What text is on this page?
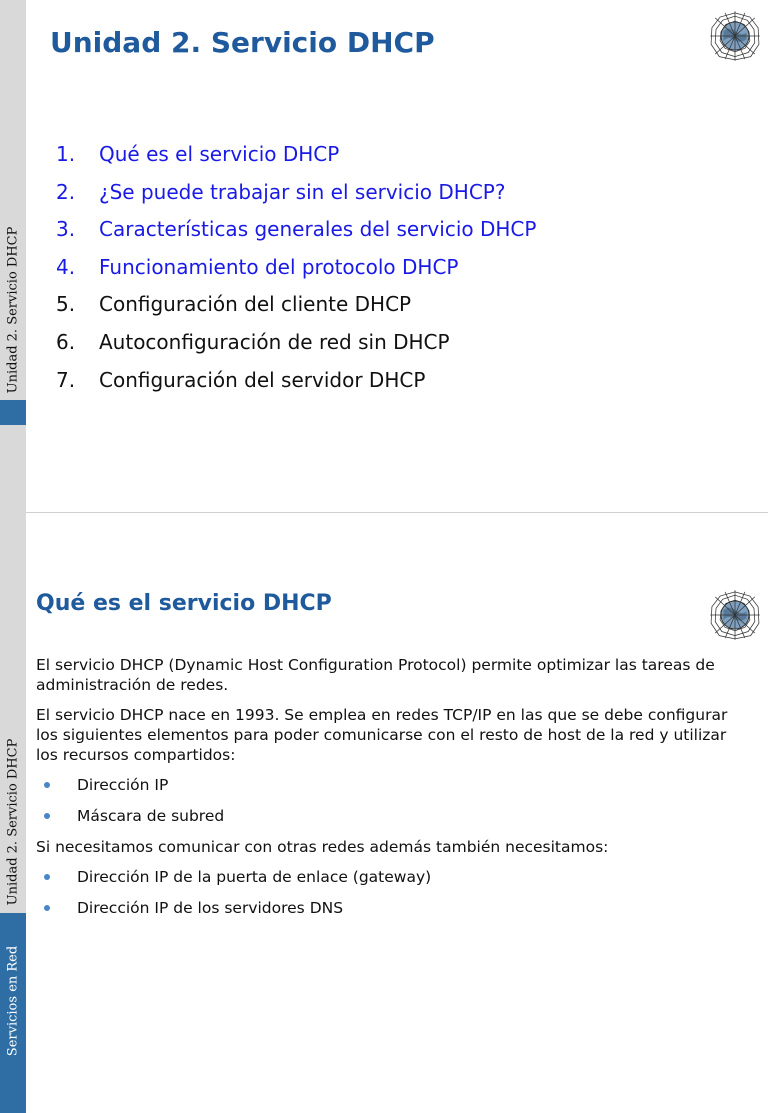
Unidad 2. Servicio DHCP
Unidad 2. Servicio DHCP
1. Qué es el servicio DHCP
2. ¿Se puede trabajar sin el servicio DHCP?
3. Características generales del servicio DHCP
4. Funcionamiento del protocolo DHCP
5. Configuración del cliente DHCP
6. Autoconfiguración de red sin DHCP
7. Configuración del servidor DHCP
Unidad 2. Servicio DHCP
Servicios en Red
Qué es el servicio DHCP

El servicio DHCP (Dynamic Host Configuration Protocol) permite optimizar las tareas de administración de redes.

El servicio DHCP nace en 1993. Se emplea en redes TCP/IP en las que se debe configurar los siguientes elementos para poder comunicarse con el resto de host de la red y utilizar los recursos compartidos:

Dirección IP
Máscara de subred

Si necesitamos comunicar con otras redes además también necesitamos:

Dirección IP de la puerta de enlace (gateway)
Dirección IP de los servidores DNS
